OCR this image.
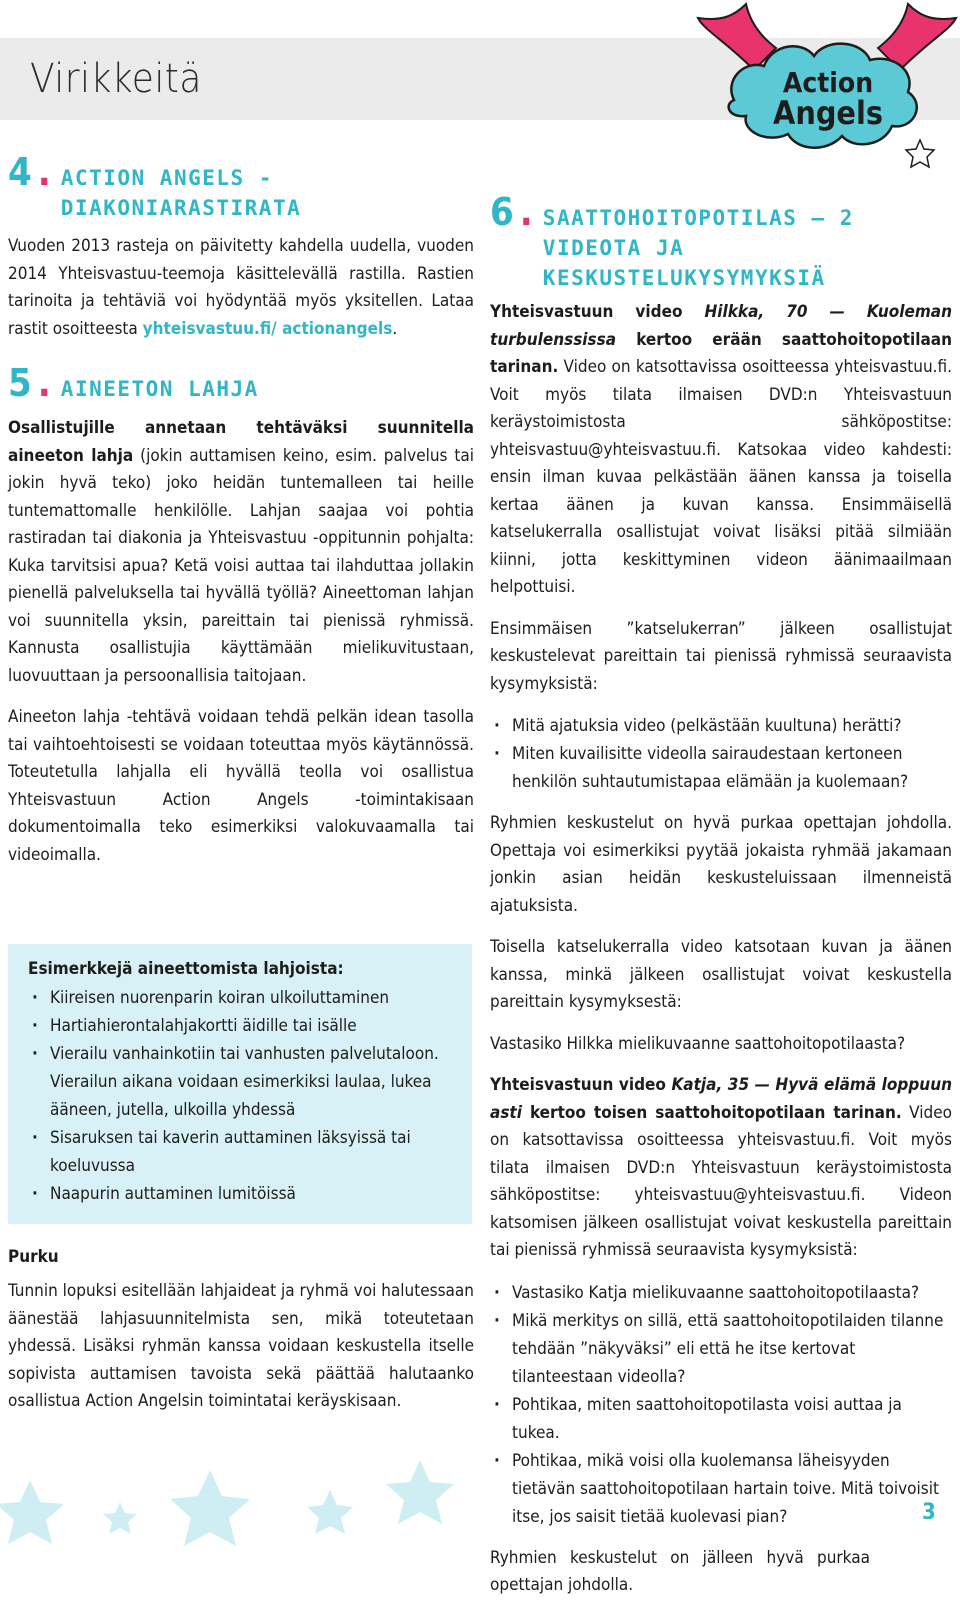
Virikkeitä	Action
Angels
4 . ACTION ANGELS -DIAKONIARASTIRATA

Vuoden 2013 rasteja on päivitetty kahdella uudella, vuoden 2014 Yhteisvastuu-teemoja käsittelevällä rastilla. Rastien tarinoita ja tehtäviä voi hyödyntää myös yksitellen. Lataa rastit osoitteesta yhteisvastuu.fi/ actionangels.

5 . AINEETON LAHJA

Osallistujille annetaan tehtäväksi suunnitella aineeton lahja (jokin auttamisen keino, esim. palvelus tai jokin hyvä teko) joko heidän tuntemalleen tai heille tuntemattomalle henkilölle. Lahjan saajaa voi pohtia rastiradan tai diakonia ja Yhteisvastuu -oppitunnin pohjalta: Kuka tarvitsisi apua? Ketä voisi auttaa tai ilahduttaa jollakin pienellä palveluksella tai hyvällä työllä? Aineettoman lahjan voi suunnitella yksin, pareittain tai pienissä ryhmissä. Kannusta osallistujia käyttämään mielikuvitustaan, luovuuttaan ja persoonallisia taitojaan.

Aineeton lahja -tehtävä voidaan tehdä pelkän idean tasolla tai vaihtoehtoisesti se voidaan toteuttaa myös käytännössä. Toteutetulla lahjalla eli hyvällä teolla voi osallistua Yhteisvastuun Action Angels -toimintakisaan dokumentoimalla teko esimerkiksi valokuvaamalla tai videoimalla.

Esimerkkejä aineettomista lahjoista:
· Kiireisen nuorenparin koiran ulkoiluttaminen
· Hartiahierontalahjakortti äidille tai isälle
· Vierailu vanhainkotiin tai vanhusten palvelutaloon. Vierailun aikana voidaan esimerkiksi laulaa, lukea ääneen, jutella, ulkoilla yhdessä
· Sisaruksen tai kaverin auttaminen läksyissä tai koeluvussa
· Naapurin auttaminen lumitöissä
Purku

Tunnin lopuksi esitellään lahjaideat ja ryhmä voi halutessaan äänestää lahjasuunnitelmista sen, mikä toteutetaan yhdessä. Lisäksi ryhmän kanssa voidaan keskustella itselle sopivista auttamisen tavoista sekä päättää halutaanko osallistua Action Angelsin toimintatai keräyskisaan.

6 . SAATTOHOITOPOTILAS — 2 VIDEOTA JA KESKUSTELUKYSYMYKSIÄ

Yhteisvastuun video Hilkka, 70 — Kuoleman turbulenssissa kertoo erään saattohoitopotilaan tarinan. Video on katsottavissa osoitteessa yhteisvastuu.fi. Voit myös tilata ilmaisen DVD:n Yhteisvastuun keräystoimistosta sähköpostitse: yhteisvastuu@yhteisvastuu.fi. Katsokaa video kahdesti: ensin ilman kuvaa pelkästään äänen kanssa ja toisella kertaa äänen ja kuvan kanssa. Ensimmäisellä katselukerralla osallistujat voivat lisäksi pitää silmiään kiinni, jotta keskittyminen videon äänimaailmaan helpottuisi.

Ensimmäisen ”katselukerran” jälkeen osallistujat keskustelevat pareittain tai pienissä ryhmissä seuraavista kysymyksistä:

· Mitä ajatuksia video (pelkästään kuultuna) herätti?
· Miten kuvailisitte videolla sairaudestaan kertoneen henkilön suhtautumistapaa elämään ja kuolemaan?

Ryhmien keskustelut on hyvä purkaa opettajan johdolla. Opettaja voi esimerkiksi pyytää jokaista ryhmää jakamaan jonkin asian heidän keskusteluissaan ilmenneistä ajatuksista.

Toisella katselukerralla video katsotaan kuvan ja äänen kanssa, minkä jälkeen osallistujat voivat keskustella pareittain kysymyksestä:

Vastasiko Hilkka mielikuvaanne saattohoitopotilaasta?

Yhteisvastuun video Katja, 35 — Hyvä elämä loppuun asti kertoo toisen saattohoitopotilaan tarinan. Video on katsottavissa osoitteessa yhteisvastuu.fi. Voit myös tilata ilmaisen DVD:n Yhteisvastuun keräystoimistosta sähköpostitse: yhteisvastuu@yhteisvastuu.fi. Videon katsomisen jälkeen osallistujat voivat keskustella pareittain tai pienissä ryhmissä seuraavista kysymyksistä:

· Vastasiko Katja mielikuvaanne saattohoitopotilaasta?
· Mikä merkitys on sillä, että saattohoitopotilaiden tilanne tehdään ”näkyväksi” eli että he itse kertovat tilanteestaan videolla?
· Pohtikaa, miten saattohoitopotilasta voisi auttaa ja tukea.
· Pohtikaa, mikä voisi olla kuolemansa läheisyyden tietävän saattohoitopotilaan hartain toive. Mitä toivoisit itse, jos saisit tietää kuolevasi pian?

Ryhmien keskustelut on jälleen hyvä purkaa opettajan johdolla.

3
